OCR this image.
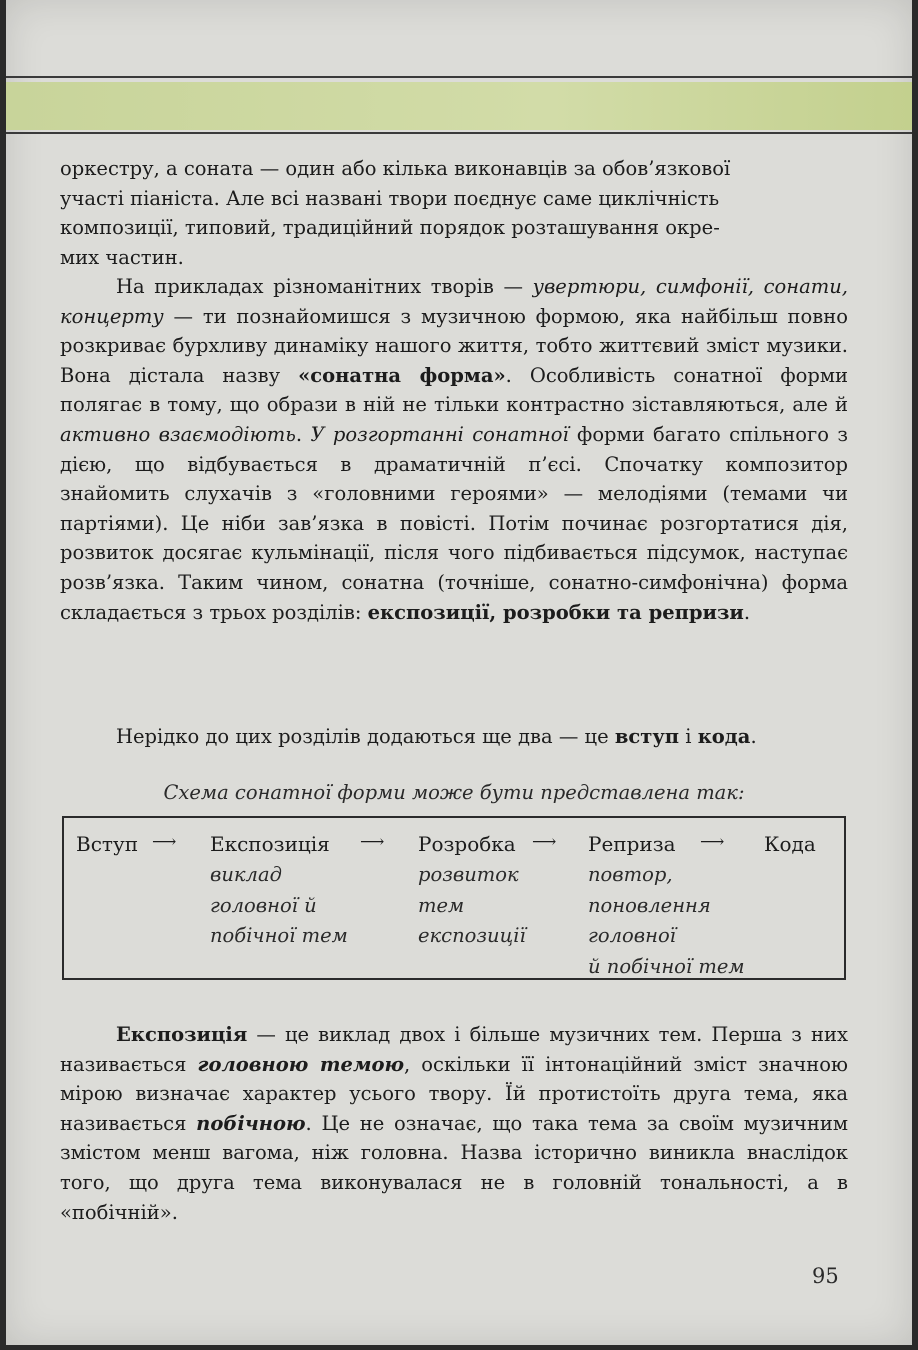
оркестру, а соната — один або кілька виконавців за обов’язкової

участі піаніста. Але всі названі твори поєднує саме циклічність

композиції, типовий, традиційний порядок розташування окре-

мих частин.

На прикладах різноманітних творів — увертюри, симфонії, сонати, концерту — ти познайомишся з музичною формою, яка найбільш повно розкриває бурхливу динаміку нашого життя, тобто життєвий зміст музики. Вона дістала назву «сонатна форма». Особливість сонатної форми полягає в тому, що образи в ній не тільки контрастно зіставляються, але й активно взаємодіють. У розгортанні сонатної форми багато спільного з дією, що відбувається в драматичній п’єсі. Спочатку композитор знайомить слухачів з «головними героями» — мелодіями (темами чи партіями). Це ніби зав’язка в повісті. Потім починає розгортатися дія, розвиток досягає кульмінації, після чого підбивається підсумок, наступає розв’язка. Таким чином, сонатна (точніше, сонатно-симфонічна) форма складається з трьох розділів: експозиції, розробки та репризи.

Нерідко до цих розділів додаються ще два — це вступ і кода.

Схема сонатної форми може бути представлена так:
Вступ ⟶ Експозиція ⟶ Розробка ⟶ Реприза ⟶ Кода
виклад
головної й
побічної тем
розвиток
тем
експозиції
повтор,
поновлення
головної
й побічної тем

Експозиція — це виклад двох і більше музичних тем. Перша з них називається головною темою, оскільки її інтонаційний зміст значною мірою визначає характер усього твору. Їй протистоїть друга тема, яка називається побічною. Це не означає, що така тема за своїм музичним змістом менш вагома, ніж головна. Назва історично виникла внаслідок того, що друга тема виконувалася не в головній тональності, а в «побічній».

95
